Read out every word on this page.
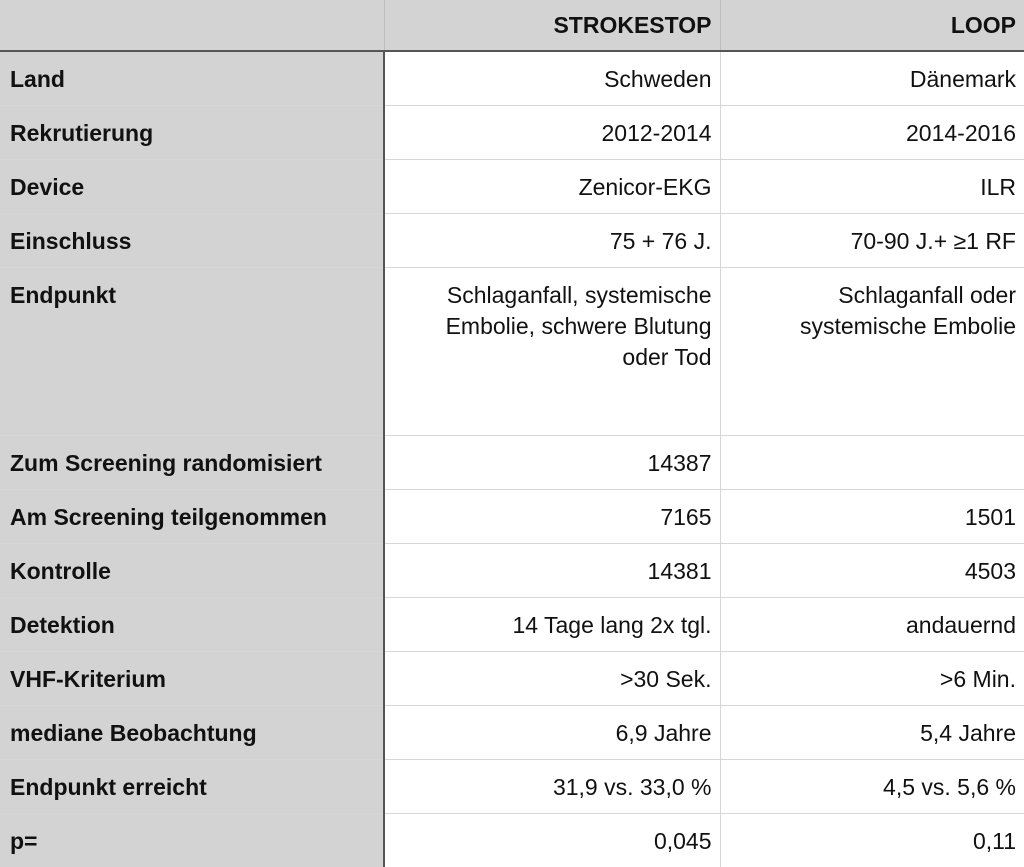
	STROKESTOP	LOOP
Land	Schweden	Dänemark
Rekrutierung	2012-2014	2014-2016
Device	Zenicor-EKG	ILR
Einschluss	75 + 76 J.	70-90 J.+ ≥1 RF
Endpunkt	Schlaganfall, systemische Embolie, schwere Blutung oder Tod	Schlaganfall oder systemische Embolie
Zum Screening randomisiert	14387	
Am Screening teilgenommen	7165	1501
Kontrolle	14381	4503
Detektion	14 Tage lang 2x tgl.	andauernd
VHF-Kriterium	>30 Sek.	>6 Min.
mediane Beobachtung	6,9 Jahre	5,4 Jahre
Endpunkt erreicht	31,9 vs. 33,0 %	4,5 vs. 5,6 %
p=	0,045	0,11
